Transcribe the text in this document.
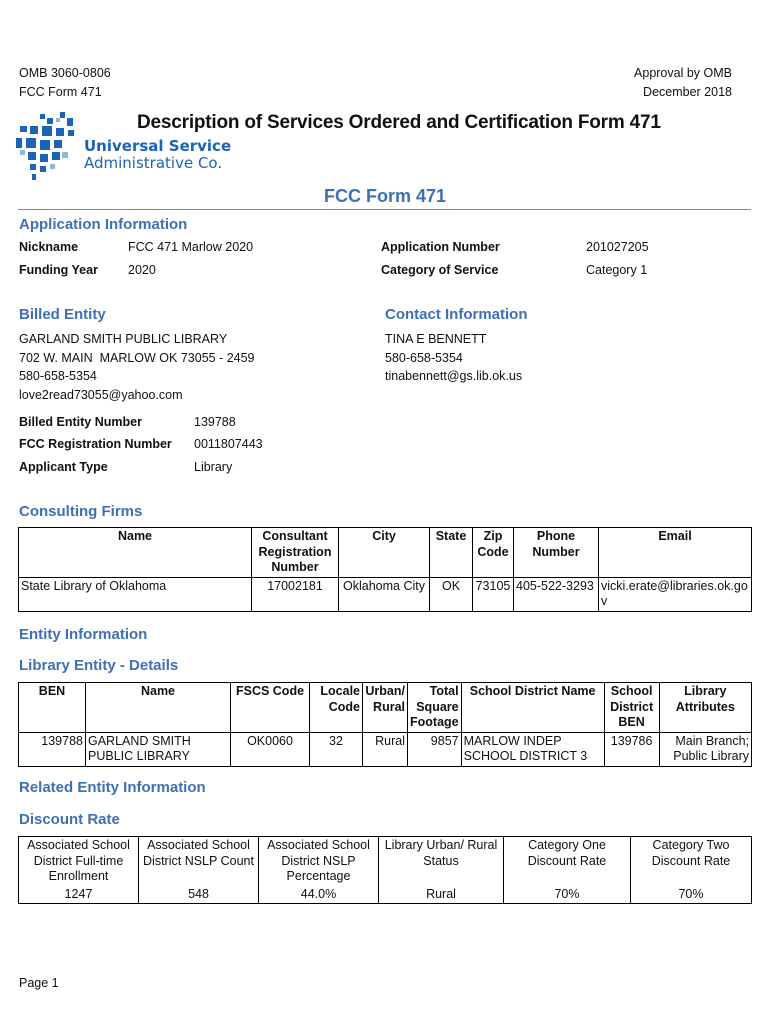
OMB 3060-0806
FCC Form 471
Approval by OMB
December 2018
Universal Service
Administrative Co.
Description of Services Ordered and Certification Form 471
FCC Form 471
Application Information
Nickname	FCC 471 Marlow 2020	Application Number	201027205
Funding Year 2020	Category of Service	Category 1
Billed Entity
GARLAND SMITH PUBLIC LIBRARY
702 W. MAIN  MARLOW OK 73055 - 2459
580-658-5354
love2read73055@yahoo.com
Contact Information
TINA E BENNETT
580-658-5354
tinabennett@gs.lib.ok.us
Billed Entity Number	139788
FCC Registration Number 0011807443
Applicant Type	Library
Consulting Firms
Name	Consultant Registration Number	City	State	Zip Code	Phone Number	Email
State Library of Oklahoma	17002181	Oklahoma City	OK	73105	405-522-3293	vicki.erate@libraries.ok.gov
Entity Information
Library Entity - Details
BEN	Name	FSCS Code	Locale Code	Urban/ Rural	Total Square Footage	School District Name	School District BEN	Library Attributes
139788	GARLAND SMITH PUBLIC LIBRARY	OK0060	32	Rural	9857	MARLOW INDEP SCHOOL DISTRICT 3	139786	Main Branch; Public Library
Related Entity Information
Discount Rate
Associated School District Full-time Enrollment	Associated School District NSLP Count	Associated School District NSLP Percentage	Library Urban/ Rural Status	Category One Discount Rate	Category Two Discount Rate
1247	548	44.0%	Rural	70%	70%
Page 1
